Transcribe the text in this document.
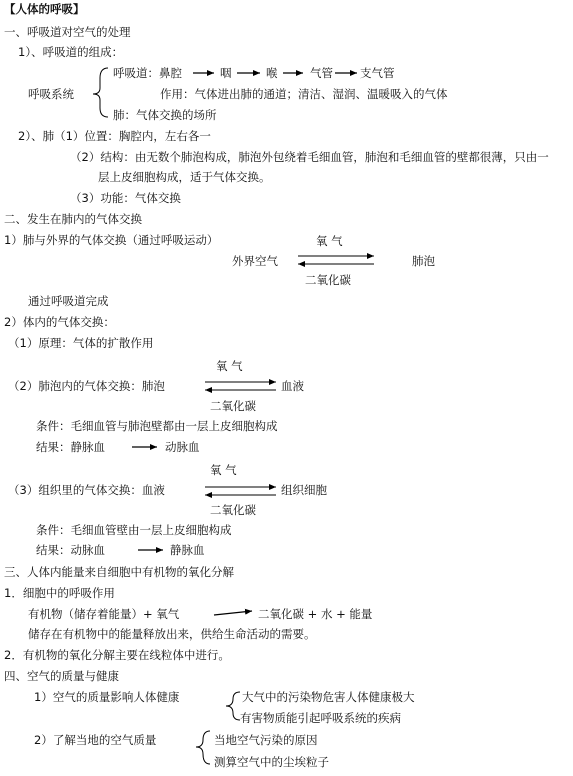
【人体的呼吸】
一、呼吸道对空气的处理
1）、呼吸道的组成：
呼吸系统
呼吸道： 鼻腔	咽	喉	气管 支气管
作用：气体进出肺的通道；清洁、湿润、温暖吸入的气体
肺：气体交换的场所
2）、肺（1）位置：胸腔内，左右各一
（2）结构：由无数个肺泡构成，肺泡外包绕着毛细血管，肺泡和毛细血管的壁都很薄，只由一
层上皮细胞构成，适于气体交换。
（3）功能：气体交换
二、发生在肺内的气体交换
1）肺与外界的气体交换（通过呼吸运动）	氧 气
外界空气	肺泡
二氧化碳
通过呼吸道完成
2）体内的气体交换：
（1）原理：气体的扩散作用
氧 气
（2）肺泡内的气体交换：肺泡	血液
二氧化碳
条件：毛细血管与肺泡壁都由一层上皮细胞构成
结果：静脉血	动脉血
氧 气
（3）组织里的气体交换：血液	组织细胞
二氧化碳
条件：毛细血管壁由一层上皮细胞构成
结果：动脉血	静脉血
三、人体内能量来自细胞中有机物的氧化分解
1．细胞中的呼吸作用
有机物（储存着能量）+ 氧气	二氧化碳 + 水 + 能量
储存在有机物中的能量释放出来，供给生命活动的需要。
2．有机物的氧化分解主要在线粒体中进行。
四、空气的质量与健康
1）空气的质量影响人体健康	大气中的污染物危害人体健康极大
有害物质能引起呼吸系统的疾病
2）了解当地的空气质量	当地空气污染的原因
测算空气中的尘埃粒子
